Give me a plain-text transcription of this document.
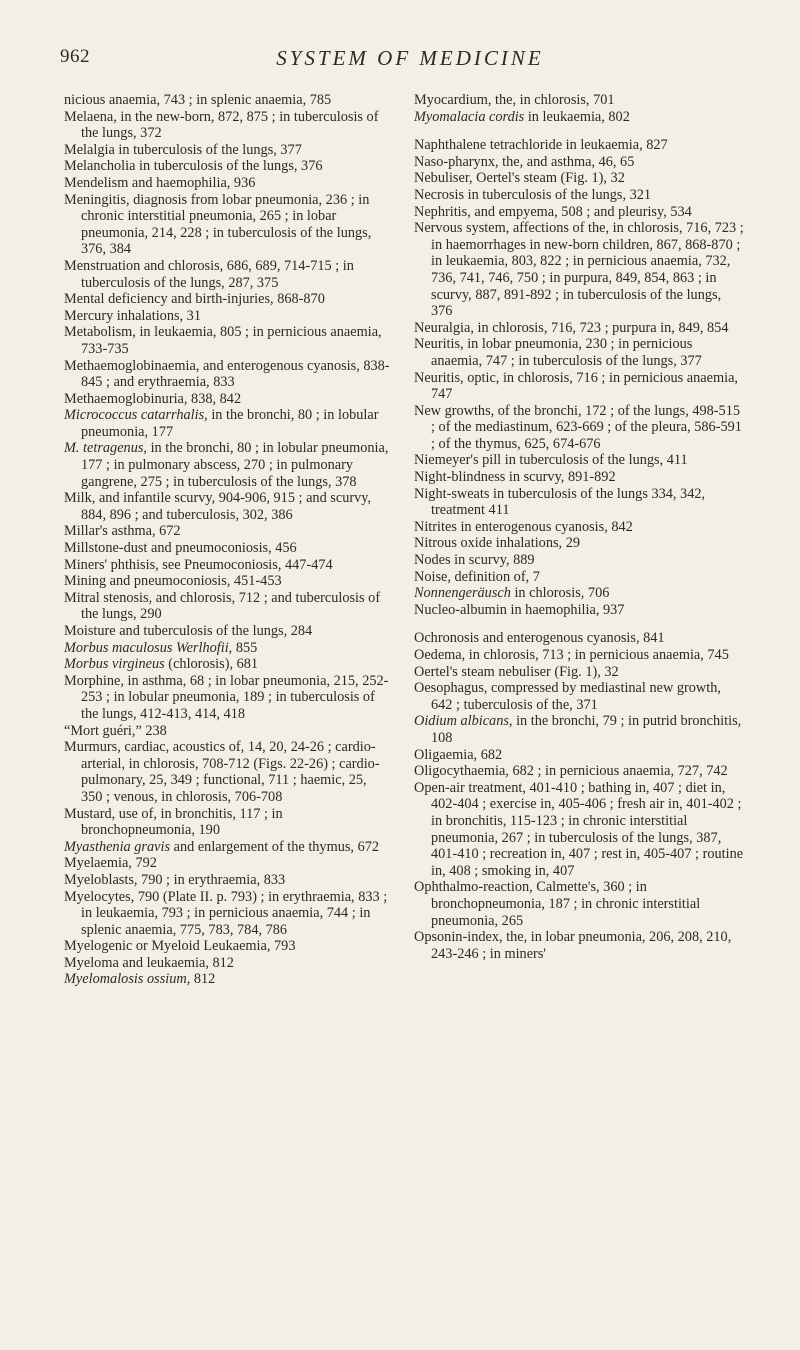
962	SYSTEM OF MEDICINE

nicious anaemia, 743 ; in splenic anaemia, 785

Melaena, in the new-born, 872, 875 ; in tuberculosis of the lungs, 372

Melalgia in tuberculosis of the lungs, 377

Melancholia in tuberculosis of the lungs, 376

Mendelism and haemophilia, 936

Meningitis, diagnosis from lobar pneumonia, 236 ; in chronic interstitial pneumonia, 265 ; in lobar pneumonia, 214, 228 ; in tuberculosis of the lungs, 376, 384

Menstruation and chlorosis, 686, 689, 714-715 ; in tuberculosis of the lungs, 287, 375

Mental deficiency and birth-injuries, 868-870

Mercury inhalations, 31

Metabolism, in leukaemia, 805 ; in pernicious anaemia, 733-735

Methaemoglobinaemia, and enterogenous cyanosis, 838-845 ; and erythraemia, 833

Methaemoglobinuria, 838, 842

Micrococcus catarrhalis, in the bronchi, 80 ; in lobular pneumonia, 177

M. tetragenus, in the bronchi, 80 ; in lobular pneumonia, 177 ; in pulmonary abscess, 270 ; in pulmonary gangrene, 275 ; in tuberculosis of the lungs, 378

Milk, and infantile scurvy, 904-906, 915 ; and scurvy, 884, 896 ; and tuberculosis, 302, 386

Millar's asthma, 672

Millstone-dust and pneumoconiosis, 456

Miners' phthisis, see Pneumoconiosis, 447-474

Mining and pneumoconiosis, 451-453

Mitral stenosis, and chlorosis, 712 ; and tuberculosis of the lungs, 290

Moisture and tuberculosis of the lungs, 284

Morbus maculosus Werlhofii, 855

Morbus virgineus (chlorosis), 681

Morphine, in asthma, 68 ; in lobar pneumonia, 215, 252-253 ; in lobular pneumonia, 189 ; in tuberculosis of the lungs, 412-413, 414, 418

“Mort guéri,” 238

Murmurs, cardiac, acoustics of, 14, 20, 24-26 ; cardio-arterial, in chlorosis, 708-712 (Figs. 22-26) ; cardio-pulmonary, 25, 349 ; functional, 711 ; haemic, 25, 350 ; venous, in chlorosis, 706-708

Mustard, use of, in bronchitis, 117 ; in bronchopneumonia, 190

Myasthenia gravis and enlargement of the thymus, 672

Myelaemia, 792

Myeloblasts, 790 ; in erythraemia, 833

Myelocytes, 790 (Plate II. p. 793) ; in erythraemia, 833 ; in leukaemia, 793 ; in pernicious anaemia, 744 ; in splenic anaemia, 775, 783, 784, 786

Myelogenic or Myeloid Leukaemia, 793

Myeloma and leukaemia, 812

Myelomalosis ossium, 812

Myocardium, the, in chlorosis, 701

Myomalacia cordis in leukaemia, 802

Naphthalene tetrachloride in leukaemia, 827

Naso-pharynx, the, and asthma, 46, 65

Nebuliser, Oertel's steam (Fig. 1), 32

Necrosis in tuberculosis of the lungs, 321

Nephritis, and empyema, 508 ; and pleurisy, 534

Nervous system, affections of the, in chlorosis, 716, 723 ; in haemorrhages in new-born children, 867, 868-870 ; in leukaemia, 803, 822 ; in pernicious anaemia, 732, 736, 741, 746, 750 ; in purpura, 849, 854, 863 ; in scurvy, 887, 891-892 ; in tuberculosis of the lungs, 376

Neuralgia, in chlorosis, 716, 723 ; purpura in, 849, 854

Neuritis, in lobar pneumonia, 230 ; in pernicious anaemia, 747 ; in tuberculosis of the lungs, 377

Neuritis, optic, in chlorosis, 716 ; in pernicious anaemia, 747

New growths, of the bronchi, 172 ; of the lungs, 498-515 ; of the mediastinum, 623-669 ; of the pleura, 586-591 ; of the thymus, 625, 674-676

Niemeyer's pill in tuberculosis of the lungs, 411

Night-blindness in scurvy, 891-892

Night-sweats in tuberculosis of the lungs 334, 342, treatment 411

Nitrites in enterogenous cyanosis, 842

Nitrous oxide inhalations, 29

Nodes in scurvy, 889

Noise, definition of, 7

Nonnengeräusch in chlorosis, 706

Nucleo-albumin in haemophilia, 937

Ochronosis and enterogenous cyanosis, 841

Oedema, in chlorosis, 713 ; in pernicious anaemia, 745

Oertel's steam nebuliser (Fig. 1), 32

Oesophagus, compressed by mediastinal new growth, 642 ; tuberculosis of the, 371

Oidium albicans, in the bronchi, 79 ; in putrid bronchitis, 108

Oligaemia, 682

Oligocythaemia, 682 ; in pernicious anaemia, 727, 742

Open-air treatment, 401-410 ; bathing in, 407 ; diet in, 402-404 ; exercise in, 405-406 ; fresh air in, 401-402 ; in bronchitis, 115-123 ; in chronic interstitial pneumonia, 267 ; in tuberculosis of the lungs, 387, 401-410 ; recreation in, 407 ; rest in, 405-407 ; routine in, 408 ; smoking in, 407

Ophthalmo-reaction, Calmette's, 360 ; in bronchopneumonia, 187 ; in chronic interstitial pneumonia, 265

Opsonin-index, the, in lobar pneumonia, 206, 208, 210, 243-246 ; in miners'
